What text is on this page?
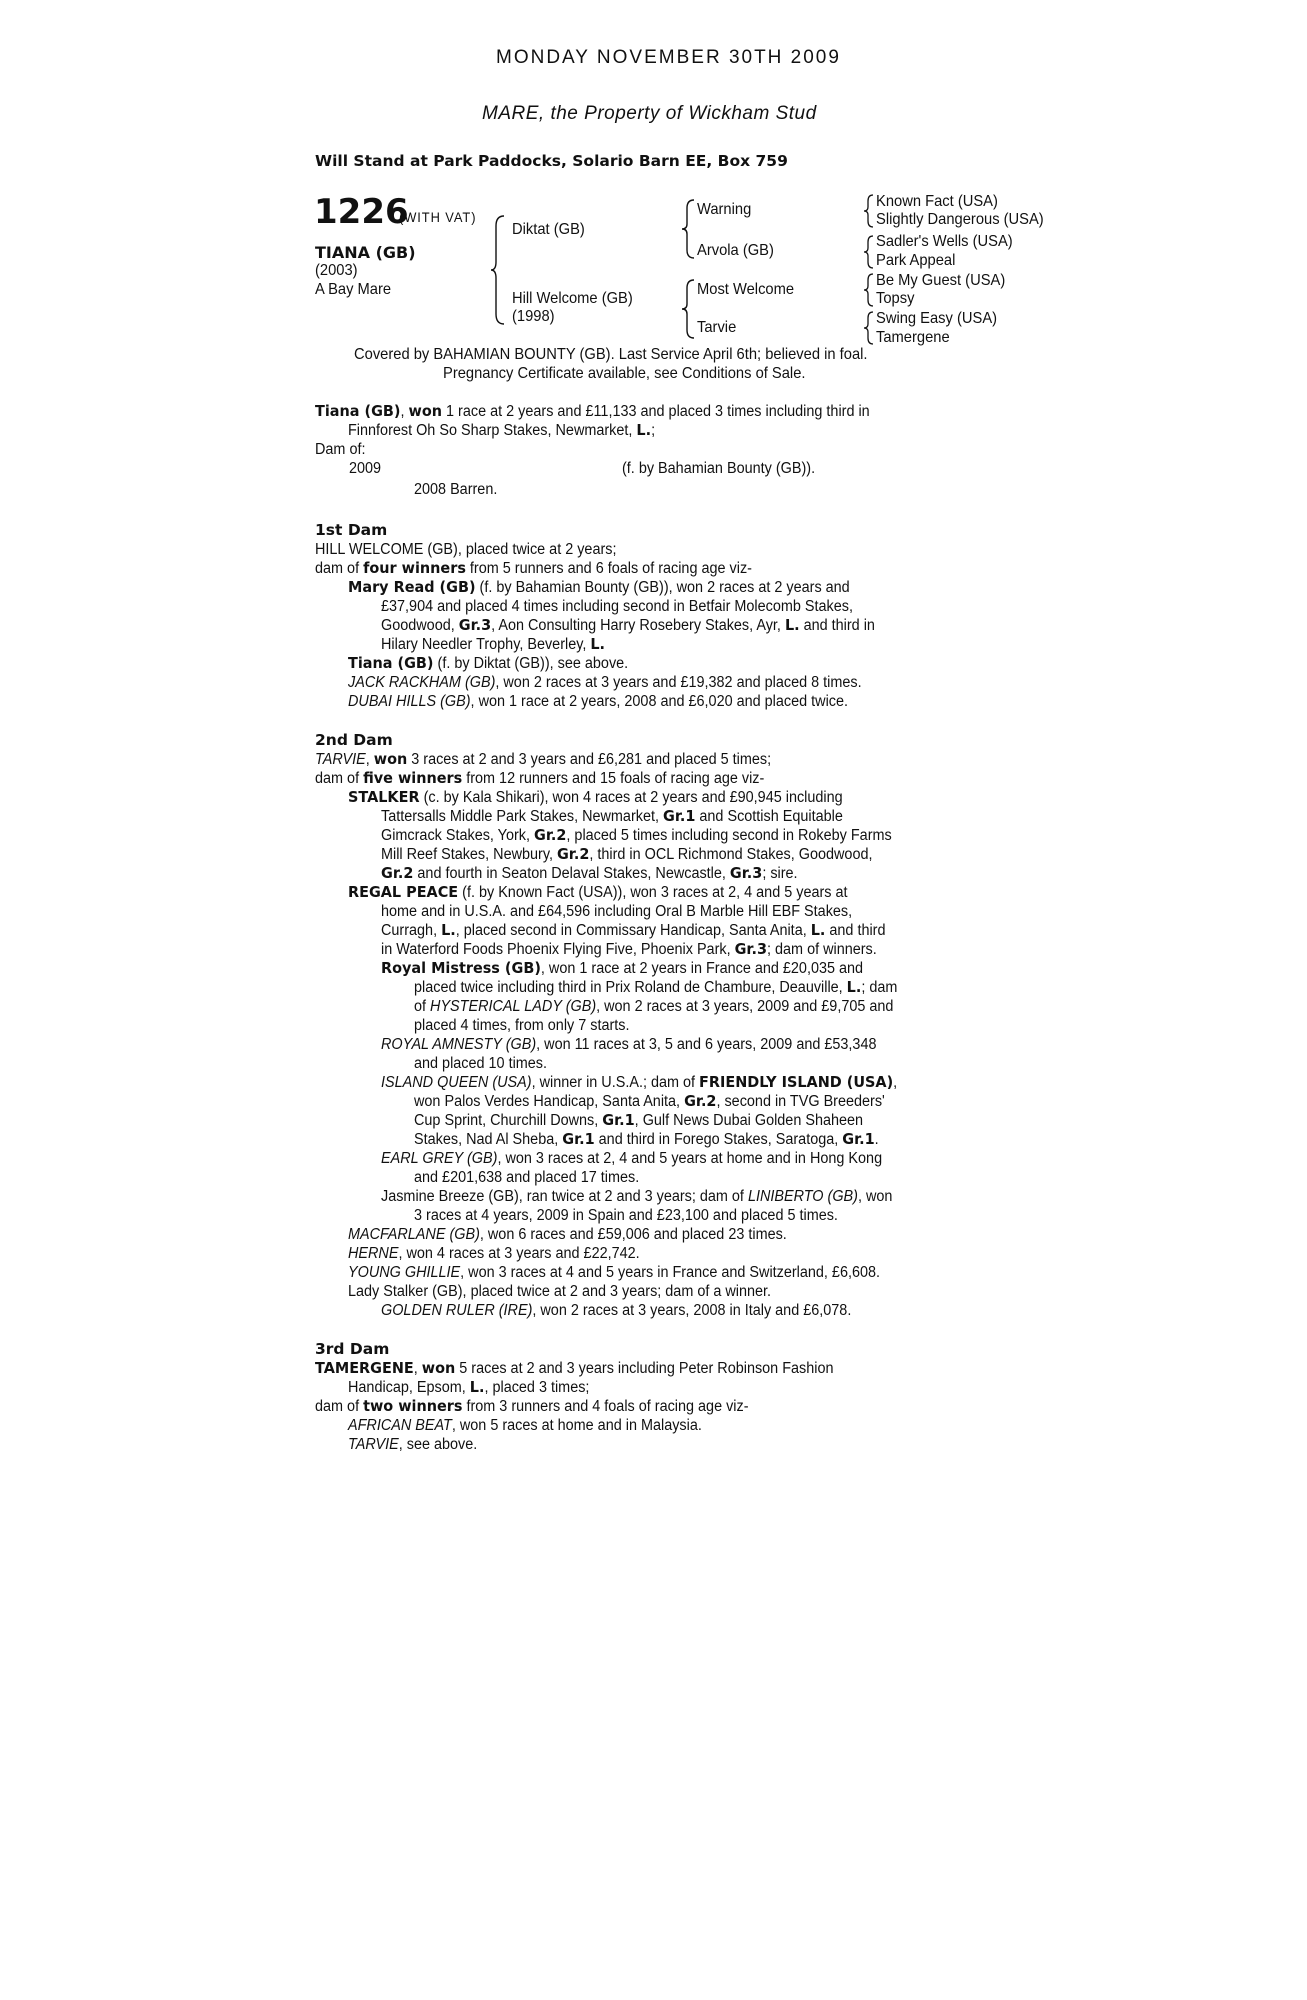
MONDAY NOVEMBER 30TH 2009
MARE, the Property of Wickham Stud
Will Stand at Park Paddocks, Solario Barn EE, Box 759
1226
(WITH VAT)
TIANA (GB)
(2003)
A Bay Mare
Diktat (GB)
Hill Welcome (GB)
(1998)
Warning
Arvola (GB)
Most Welcome
Tarvie
Known Fact (USA)
Slightly Dangerous (USA)
Sadler's Wells (USA)
Park Appeal
Be My Guest (USA)
Topsy
Swing Easy (USA)
Tamergene
Covered by BAHAMIAN BOUNTY (GB). Last Service April 6th; believed in foal.
Pregnancy Certificate available, see Conditions of Sale.
Tiana (GB), won 1 race at 2 years and £11,133 and placed 3 times including third in
Finnforest Oh So Sharp Stakes, Newmarket, L.;
Dam of:
2009	(f. by Bahamian Bounty (GB)).
2008 Barren.
1st Dam
HILL WELCOME (GB), placed twice at 2 years;
dam of four winners from 5 runners and 6 foals of racing age viz-
Mary Read (GB) (f. by Bahamian Bounty (GB)), won 2 races at 2 years and
£37,904 and placed 4 times including second in Betfair Molecomb Stakes,
Goodwood, Gr.3, Aon Consulting Harry Rosebery Stakes, Ayr, L. and third in
Hilary Needler Trophy, Beverley, L.
Tiana (GB) (f. by Diktat (GB)), see above.
JACK RACKHAM (GB), won 2 races at 3 years and £19,382 and placed 8 times.
DUBAI HILLS (GB), won 1 race at 2 years, 2008 and £6,020 and placed twice.
2nd Dam
TARVIE, won 3 races at 2 and 3 years and £6,281 and placed 5 times;
dam of five winners from 12 runners and 15 foals of racing age viz-
STALKER (c. by Kala Shikari), won 4 races at 2 years and £90,945 including
Tattersalls Middle Park Stakes, Newmarket, Gr.1 and Scottish Equitable
Gimcrack Stakes, York, Gr.2, placed 5 times including second in Rokeby Farms
Mill Reef Stakes, Newbury, Gr.2, third in OCL Richmond Stakes, Goodwood,
Gr.2 and fourth in Seaton Delaval Stakes, Newcastle, Gr.3; sire.
REGAL PEACE (f. by Known Fact (USA)), won 3 races at 2, 4 and 5 years at
home and in U.S.A. and £64,596 including Oral B Marble Hill EBF Stakes,
Curragh, L., placed second in Commissary Handicap, Santa Anita, L. and third
in Waterford Foods Phoenix Flying Five, Phoenix Park, Gr.3; dam of winners.
Royal Mistress (GB), won 1 race at 2 years in France and £20,035 and
placed twice including third in Prix Roland de Chambure, Deauville, L.; dam
of HYSTERICAL LADY (GB), won 2 races at 3 years, 2009 and £9,705 and
placed 4 times, from only 7 starts.
ROYAL AMNESTY (GB), won 11 races at 3, 5 and 6 years, 2009 and £53,348
and placed 10 times.
ISLAND QUEEN (USA), winner in U.S.A.; dam of FRIENDLY ISLAND (USA),
won Palos Verdes Handicap, Santa Anita, Gr.2, second in TVG Breeders'
Cup Sprint, Churchill Downs, Gr.1, Gulf News Dubai Golden Shaheen
Stakes, Nad Al Sheba, Gr.1 and third in Forego Stakes, Saratoga, Gr.1.
EARL GREY (GB), won 3 races at 2, 4 and 5 years at home and in Hong Kong
and £201,638 and placed 17 times.
Jasmine Breeze (GB), ran twice at 2 and 3 years; dam of LINIBERTO (GB), won
3 races at 4 years, 2009 in Spain and £23,100 and placed 5 times.
MACFARLANE (GB), won 6 races and £59,006 and placed 23 times.
HERNE, won 4 races at 3 years and £22,742.
YOUNG GHILLIE, won 3 races at 4 and 5 years in France and Switzerland, £6,608.
Lady Stalker (GB), placed twice at 2 and 3 years; dam of a winner.
GOLDEN RULER (IRE), won 2 races at 3 years, 2008 in Italy and £6,078.
3rd Dam
TAMERGENE, won 5 races at 2 and 3 years including Peter Robinson Fashion
Handicap, Epsom, L., placed 3 times;
dam of two winners from 3 runners and 4 foals of racing age viz-
AFRICAN BEAT, won 5 races at home and in Malaysia.
TARVIE, see above.
